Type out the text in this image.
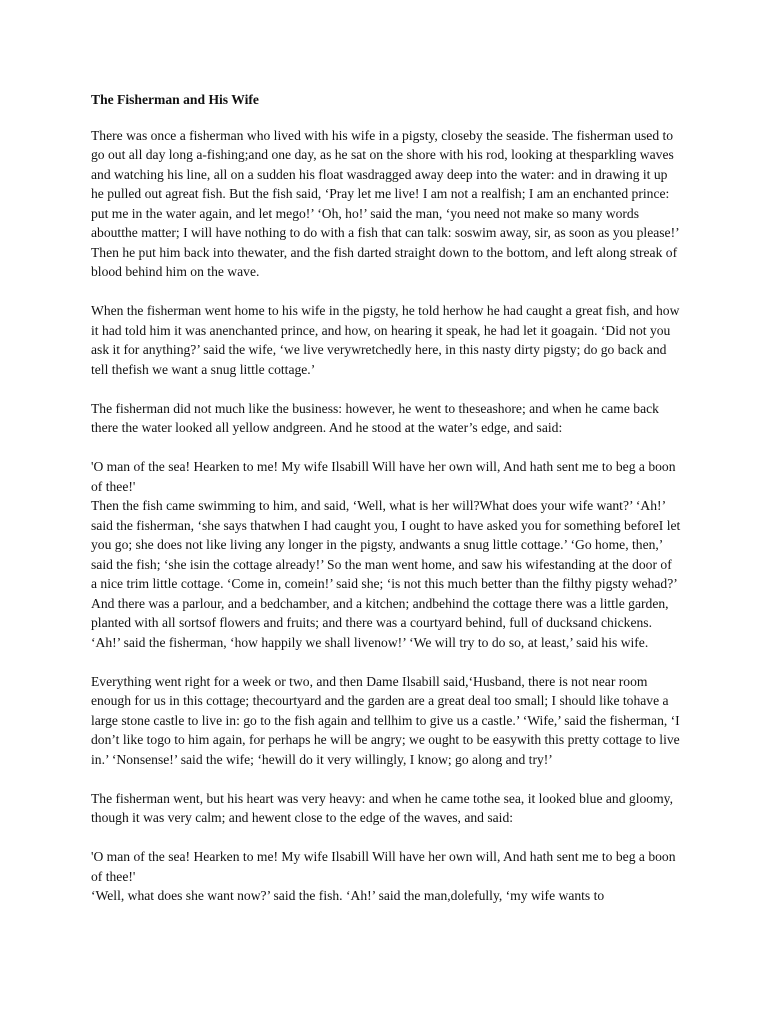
The Fisherman and His Wife

There was once a fisherman who lived with his wife in a pigsty, closeby the seaside. The fisherman used to go out all day long a-fishing;and one day, as he sat on the shore with his rod, looking at thesparkling waves and watching his line, all on a sudden his float wasdragged away deep into the water: and in drawing it up he pulled out agreat fish. But the fish said, ‘Pray let me live! I am not a realfish; I am an enchanted prince: put me in the water again, and let mego!’ ‘Oh, ho!’ said the man, ‘you need not make so many words aboutthe matter; I will have nothing to do with a fish that can talk: soswim away, sir, as soon as you please!’ Then he put him back into thewater, and the fish darted straight down to the bottom, and left along streak of blood behind him on the wave.

When the fisherman went home to his wife in the pigsty, he told herhow he had caught a great fish, and how it had told him it was anenchanted prince, and how, on hearing it speak, he had let it goagain. ‘Did not you ask it for anything?’ said the wife, ‘we live verywretchedly here, in this nasty dirty pigsty; do go back and tell thefish we want a snug little cottage.’

The fisherman did not much like the business: however, he went to theseashore; and when he came back there the water looked all yellow andgreen. And he stood at the water’s edge, and said:

'O man of the sea! Hearken to me! My wife Ilsabill Will have her own will, And hath sent me to beg a boon of thee!'

Then the fish came swimming to him, and said, ‘Well, what is her will?What does your wife want?’ ‘Ah!’ said the fisherman, ‘she says thatwhen I had caught you, I ought to have asked you for something beforeI let you go; she does not like living any longer in the pigsty, andwants a snug little cottage.’ ‘Go home, then,’ said the fish; ‘she isin the cottage already!’ So the man went home, and saw his wifestanding at the door of a nice trim little cottage. ‘Come in, comein!’ said she; ‘is not this much better than the filthy pigsty wehad?’ And there was a parlour, and a bedchamber, and a kitchen; andbehind the cottage there was a little garden, planted with all sortsof flowers and fruits; and there was a courtyard behind, full of ducksand chickens. ‘Ah!’ said the fisherman, ‘how happily we shall livenow!’ ‘We will try to do so, at least,’ said his wife.

Everything went right for a week or two, and then Dame Ilsabill said,‘Husband, there is not near room enough for us in this cottage; thecourtyard and the garden are a great deal too small; I should like tohave a large stone castle to live in: go to the fish again and tellhim to give us a castle.’ ‘Wife,’ said the fisherman, ‘I don’t like togo to him again, for perhaps he will be angry; we ought to be easywith this pretty cottage to live in.’ ‘Nonsense!’ said the wife; ‘hewill do it very willingly, I know; go along and try!’

The fisherman went, but his heart was very heavy: and when he came tothe sea, it looked blue and gloomy, though it was very calm; and hewent close to the edge of the waves, and said:

'O man of the sea! Hearken to me! My wife Ilsabill Will have her own will, And hath sent me to beg a boon of thee!'

‘Well, what does she want now?’ said the fish. ‘Ah!’ said the man,dolefully, ‘my wife wants to
